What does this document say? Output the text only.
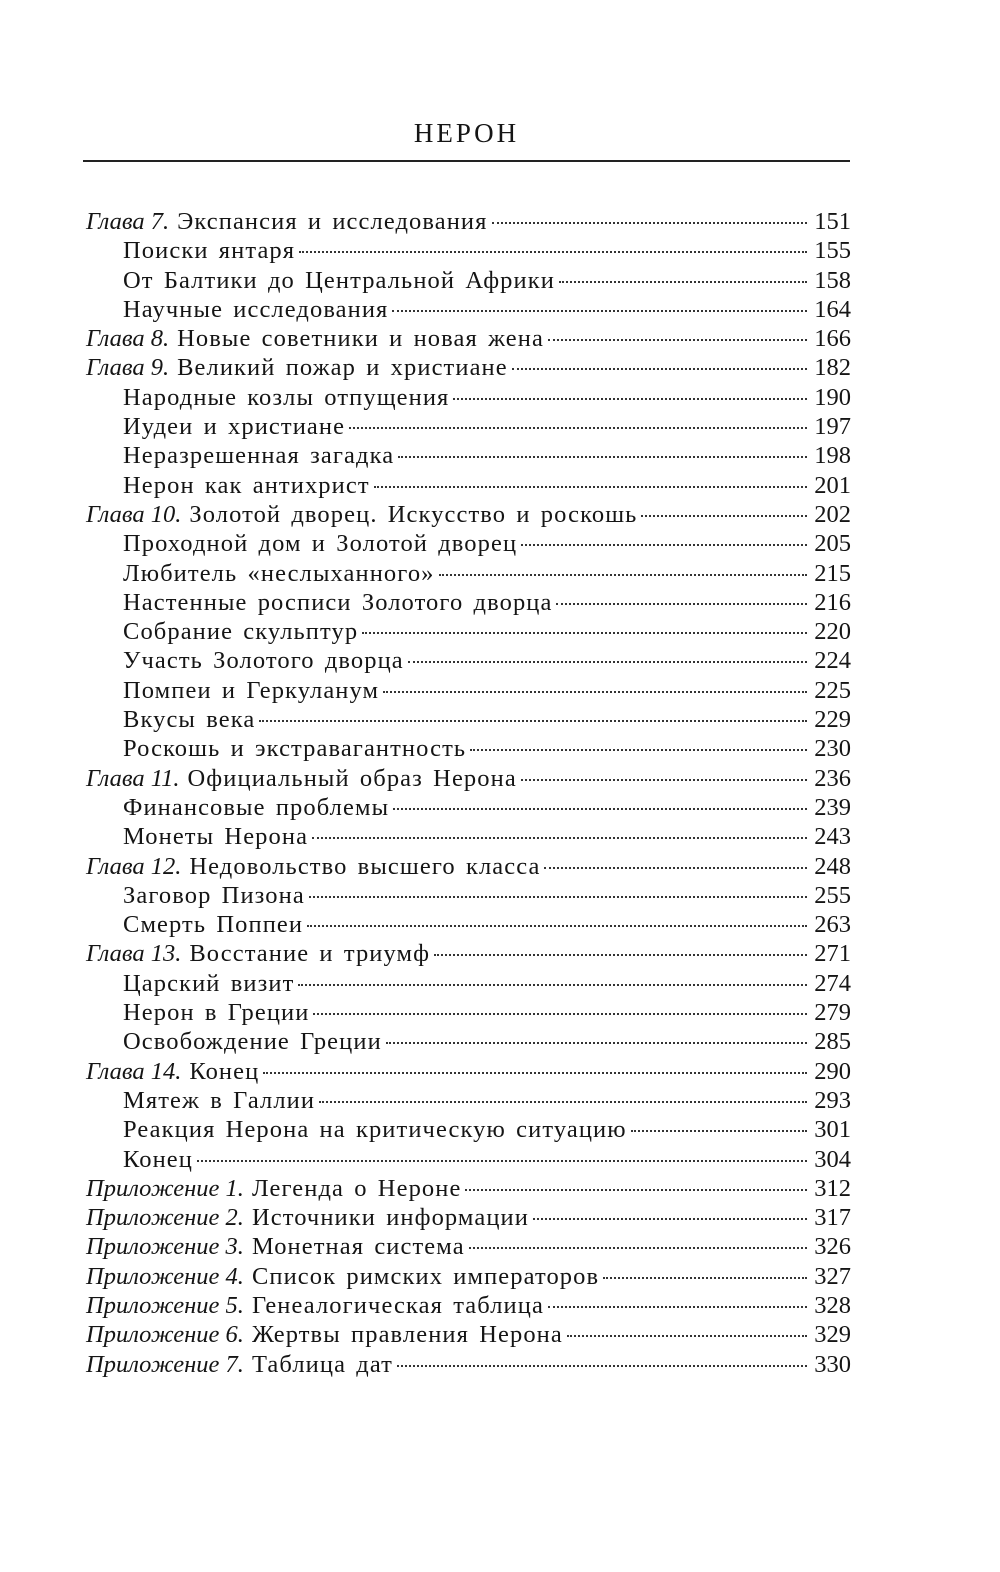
НЕРОН
Глава 7. Экспансия и исследования	151
Поиски янтаря	155
От Балтики до Центральной Африки	158
Научные исследования	164
Глава 8. Новые советники и новая жена	166
Глава 9. Великий пожар и христиане	182
Народные козлы отпущения	190
Иудеи и христиане	197
Неразрешенная загадка	198
Нерон как антихрист	201
Глава 10. Золотой дворец. Искусство и роскошь	202
Проходной дом и Золотой дворец	205
Любитель «неслыханного»	215
Настенные росписи Золотого дворца	216
Собрание скульптур	220
Участь Золотого дворца	224
Помпеи и Геркуланум	225
Вкусы века	229
Роскошь и экстравагантность	230
Глава 11. Официальный образ Нерона	236
Финансовые проблемы	239
Монеты Нерона	243
Глава 12. Недовольство высшего класса	248
Заговор Пизона	255
Смерть Поппеи	263
Глава 13. Восстание и триумф	271
Царский визит	274
Нерон в Греции	279
Освобождение Греции	285
Глава 14. Конец	290
Мятеж в Галлии	293
Реакция Нерона на критическую ситуацию	301
Конец	304
Приложение 1. Легенда о Нероне	312
Приложение 2. Источники информации	317
Приложение 3. Монетная система	326
Приложение 4. Список римских императоров	327
Приложение 5. Генеалогическая таблица	328
Приложение 6. Жертвы правления Нерона	329
Приложение 7. Таблица дат	330
